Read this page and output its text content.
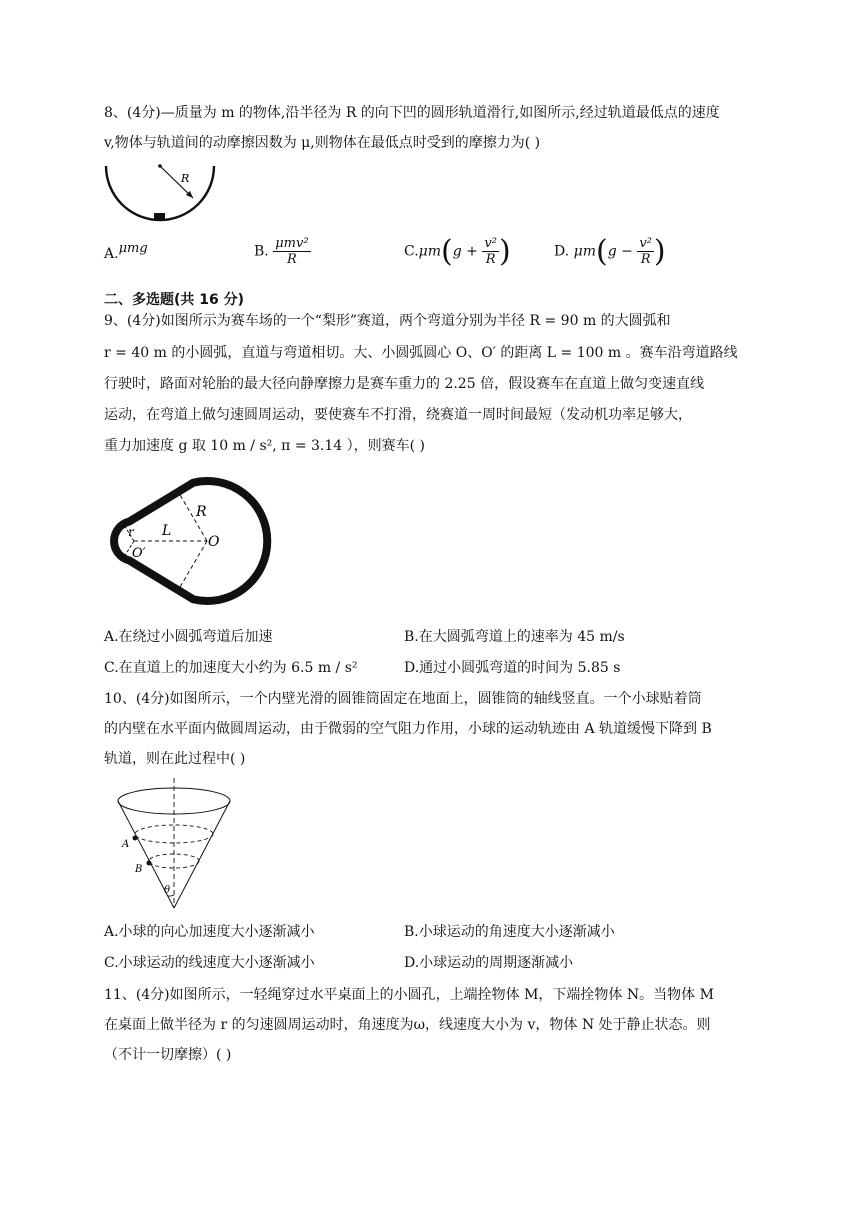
8、(4分)—质量为 m 的物体,沿半径为 R 的向下凹的圆形轨道滑行,如图所示,经过轨道最低点的速度
v,物体与轨道间的动摩擦因数为 μ,则物体在最低点时受到的摩擦力为( )
R
A.μmg	B. $\frac{\text{μmv²}}{R}$	$C.\mu m(g + \frac{\text{v²}}{R}$ )	D. $\mu m(g - \frac{\text{v²}}{R}$ )
二、多选题(共 16 分)
9、(4分)如图所示为赛车场的一个“梨形”赛道，两个弯道分别为半径 R = 90 m 的大圆弧和
r = 40 m 的小圆弧，直道与弯道相切。大、小圆弧圆心 O、O′ 的距离 L = 100 m 。赛车沿弯道路线
行驶时，路面对轮胎的最大径向静摩擦力是赛车重力的 2.25 倍，假设赛车在直道上做匀变速直线
运动，在弯道上做匀速圆周运动，要使赛车不打滑，绕赛道一周时间最短（发动机功率足够大，
重力加速度 g 取 10 m / s², π = 3.14 ），则赛车( )
r L
R
O
O′
A.在绕过小圆弧弯道后加速	B.在大圆弧弯道上的速率为 45 m/s
C.在直道上的加速度大小约为 6.5 m / s²	D.通过小圆弧弯道的时间为 5.85 s
10、(4分)如图所示，一个内壁光滑的圆锥筒固定在地面上，圆锥筒的轴线竖直。一个小球贴着筒
的内壁在水平面内做圆周运动，由于微弱的空气阻力作用，小球的运动轨迹由 A 轨道缓慢下降到 B
轨道，则在此过程中( )
A
B
θ
A.小球的向心加速度大小逐渐减小	B.小球运动的角速度大小逐渐减小
C.小球运动的线速度大小逐渐减小	D.小球运动的周期逐渐减小
11、(4分)如图所示，一轻绳穿过水平桌面上的小圆孔，上端拴物体 M，下端拴物体 N。当物体 M
在桌面上做半径为 r 的匀速圆周运动时，角速度为ω，线速度大小为 v，物体 N 处于静止状态。则
（不计一切摩擦）( )
